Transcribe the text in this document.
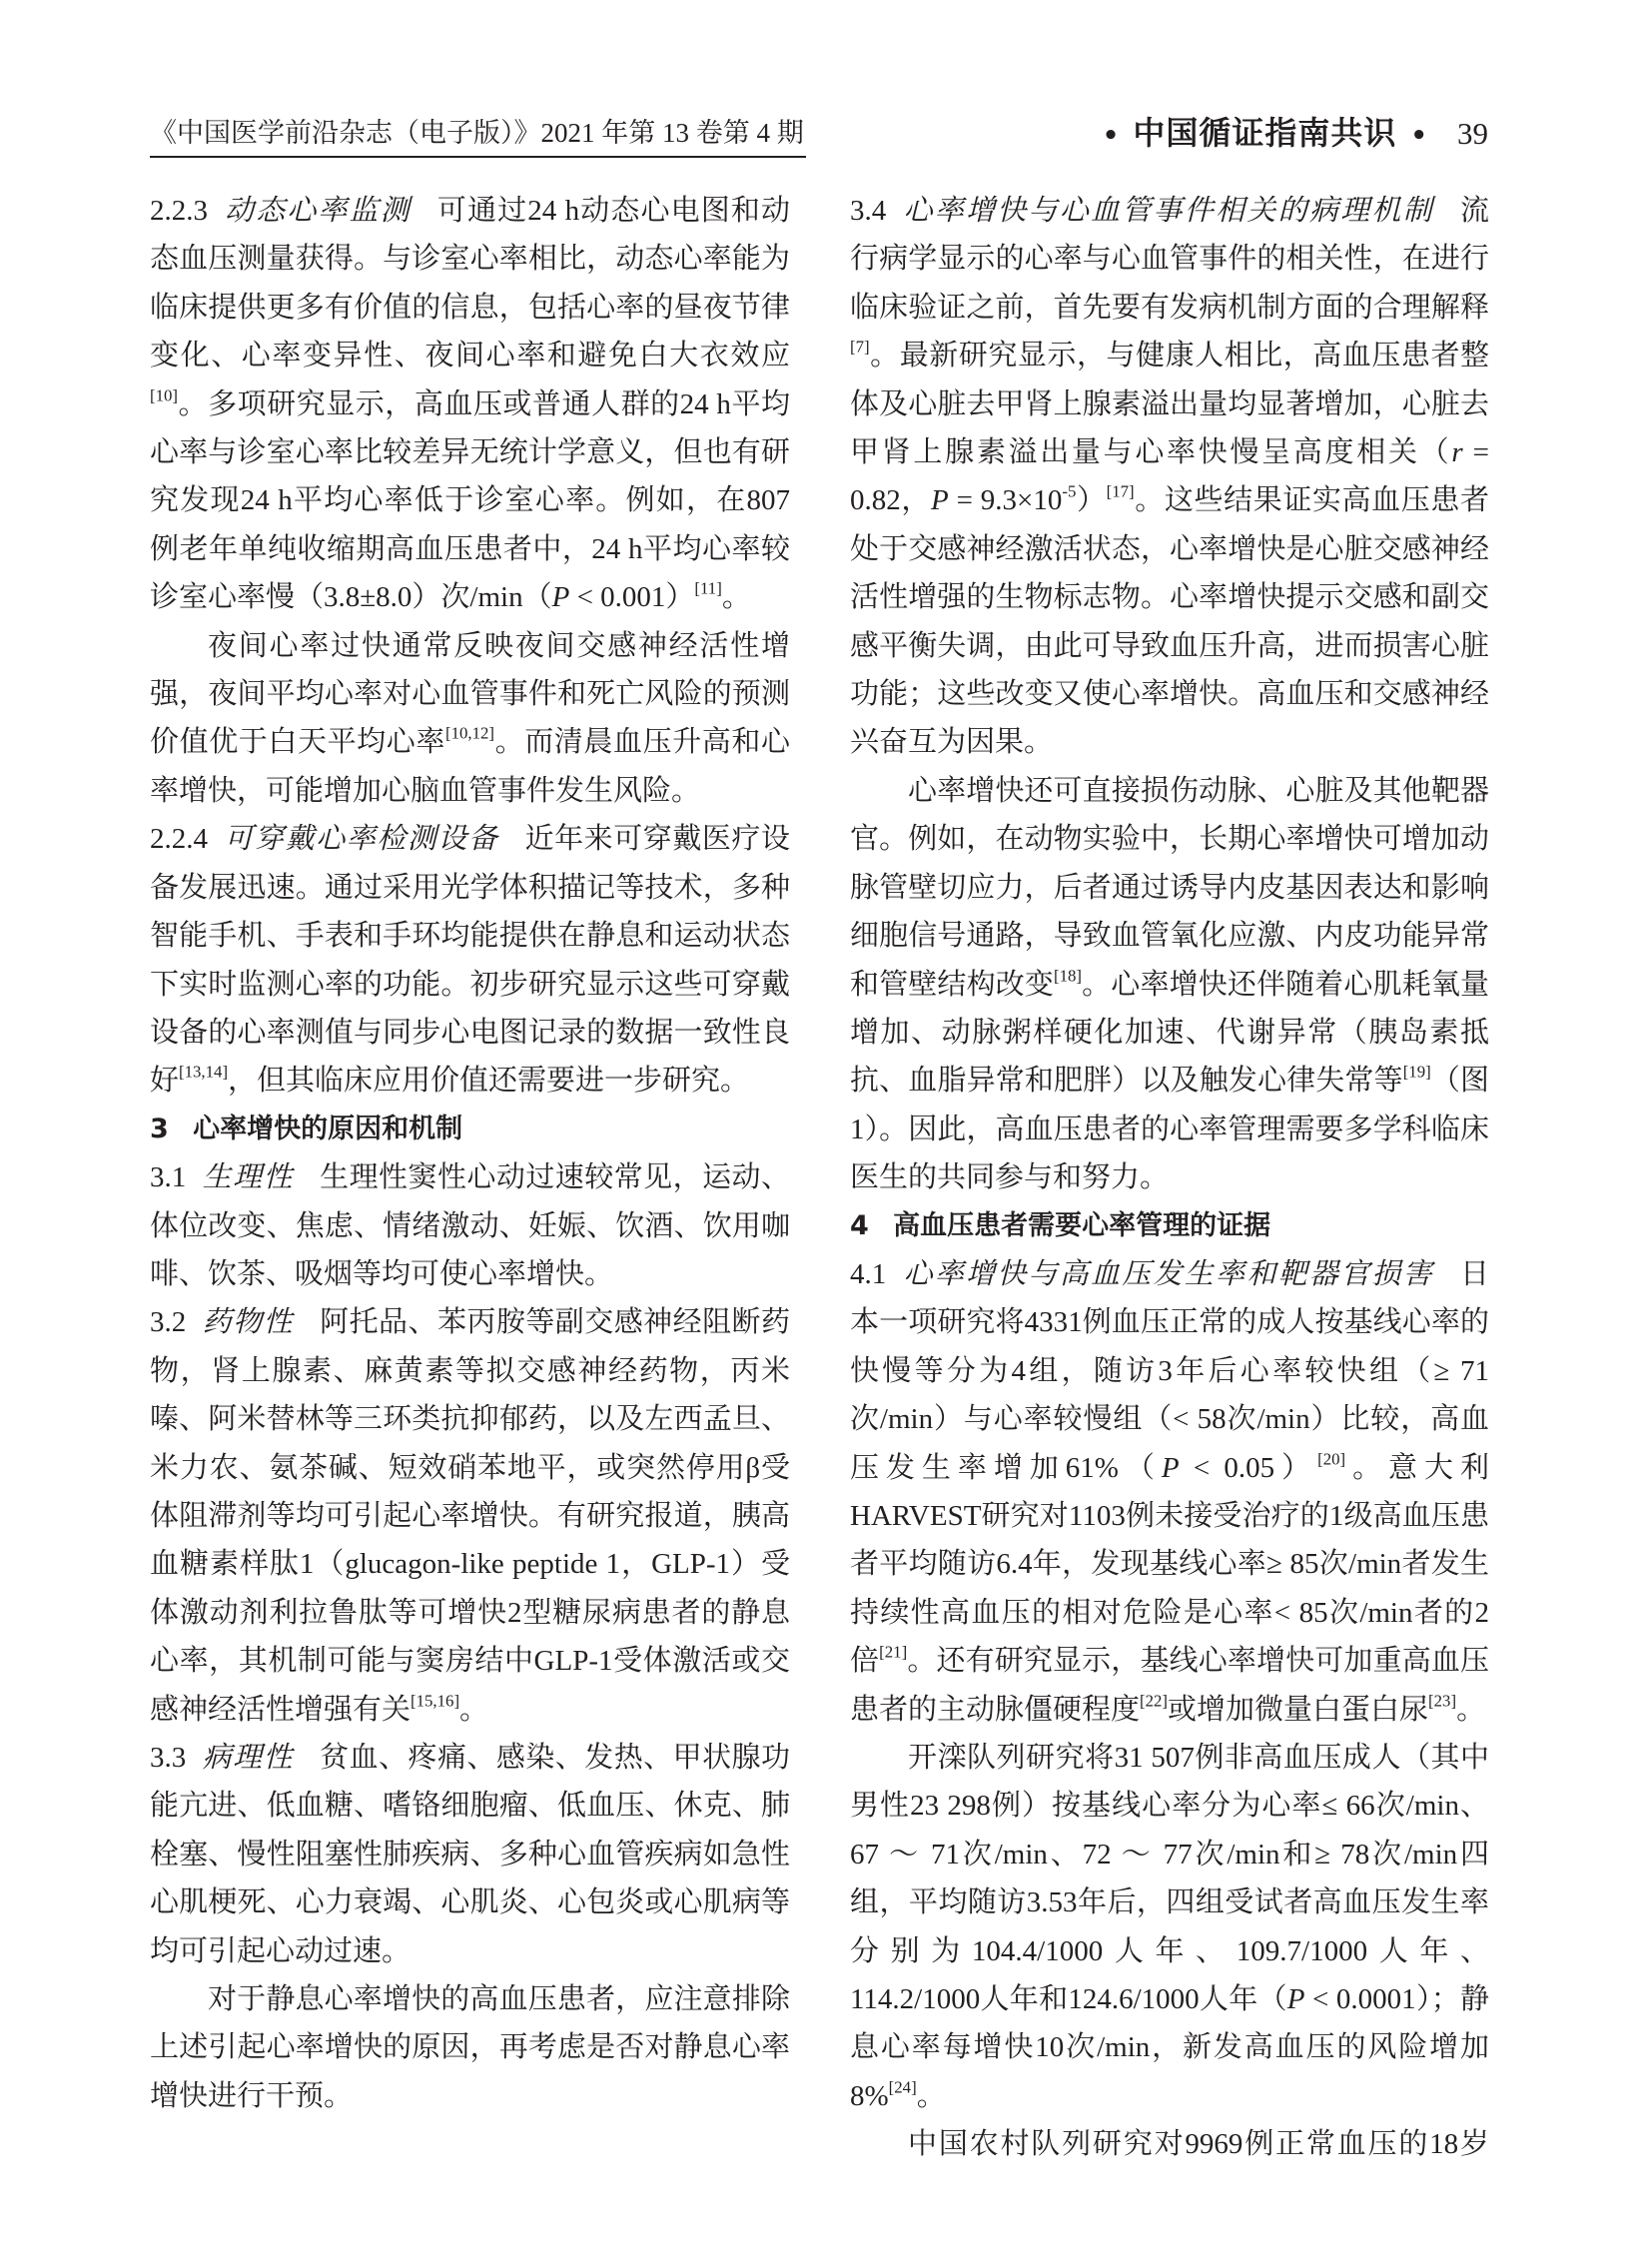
《中国医学前沿杂志（电子版）》2021 年第 13 卷第 4 期	• 中国循证指南共识 • 39

2.2.3 动态心率监测 可通过24 h动态心电图和动态血压测量获得。与诊室心率相比，动态心率能为临床提供更多有价值的信息，包括心率的昼夜节律变化、心率变异性、夜间心率和避免白大衣效应[10]。多项研究显示，高血压或普通人群的24 h平均心率与诊室心率比较差异无统计学意义，但也有研究发现24 h平均心率低于诊室心率。例如，在807例老年单纯收缩期高血压患者中，24 h平均心率较诊室心率慢（3.8±8.0）次/min（P < 0.001）[11]。

夜间心率过快通常反映夜间交感神经活性增强，夜间平均心率对心血管事件和死亡风险的预测价值优于白天平均心率[10,12]。而清晨血压升高和心率增快，可能增加心脑血管事件发生风险。

2.2.4 可穿戴心率检测设备 近年来可穿戴医疗设备发展迅速。通过采用光学体积描记等技术，多种智能手机、手表和手环均能提供在静息和运动状态下实时监测心率的功能。初步研究显示这些可穿戴设备的心率测值与同步心电图记录的数据一致性良好[13,14]，但其临床应用价值还需要进一步研究。

3 心率增快的原因和机制

3.1 生理性 生理性窦性心动过速较常见，运动、体位改变、焦虑、情绪激动、妊娠、饮酒、饮用咖啡、饮茶、吸烟等均可使心率增快。

3.2 药物性 阿托品、苯丙胺等副交感神经阻断药物，肾上腺素、麻黄素等拟交感神经药物，丙米嗪、阿米替林等三环类抗抑郁药，以及左西孟旦、米力农、氨茶碱、短效硝苯地平，或突然停用β受体阻滞剂等均可引起心率增快。有研究报道，胰高血糖素样肽1（glucagon-like peptide 1，GLP-1）受体激动剂利拉鲁肽等可增快2型糖尿病患者的静息心率，其机制可能与窦房结中GLP-1受体激活或交感神经活性增强有关[15,16]。

3.3 病理性 贫血、疼痛、感染、发热、甲状腺功能亢进、低血糖、嗜铬细胞瘤、低血压、休克、肺栓塞、慢性阻塞性肺疾病、多种心血管疾病如急性心肌梗死、心力衰竭、心肌炎、心包炎或心肌病等均可引起心动过速。

对于静息心率增快的高血压患者，应注意排除上述引起心率增快的原因，再考虑是否对静息心率增快进行干预。

3.4 心率增快与心血管事件相关的病理机制 流行病学显示的心率与心血管事件的相关性，在进行临床验证之前，首先要有发病机制方面的合理解释[7]。最新研究显示，与健康人相比，高血压患者整体及心脏去甲肾上腺素溢出量均显著增加，心脏去甲肾上腺素溢出量与心率快慢呈高度相关（r = 0.82，$P = 9.3\times 10^{-5})[17]$。这些结果证实高血压患者处于交感神经激活状态，心率增快是心脏交感神经活性增强的生物标志物。心率增快提示交感和副交感平衡失调，由此可导致血压升高，进而损害心脏功能；这些改变又使心率增快。高血压和交感神经兴奋互为因果。

心率增快还可直接损伤动脉、心脏及其他靶器官。例如，在动物实验中，长期心率增快可增加动脉管壁切应力，后者通过诱导内皮基因表达和影响细胞信号通路，导致血管氧化应激、内皮功能异常和管壁结构改变[18]。心率增快还伴随着心肌耗氧量增加、动脉粥样硬化加速、代谢异常（胰岛素抵抗、血脂异常和肥胖）以及触发心律失常等[19]（图1）。因此，高血压患者的心率管理需要多学科临床医生的共同参与和努力。

4 高血压患者需要心率管理的证据

4.1 心率增快与高血压发生率和靶器官损害 日本一项研究将4331例血压正常的成人按基线心率的快慢等分为4组，随访3年后心率较快组（≥ 71次/min）与心率较慢组（< 58次/min）比较，高血压发生率增加61%（P < 0.05）[20]。意大利HARVEST研究对1103例未接受治疗的1级高血压患者平均随访6.4年，发现基线心率≥ 85次/min者发生持续性高血压的相对危险是心率< 85次/min者的2倍[21]。还有研究显示，基线心率增快可加重高血压患者的主动脉僵硬程度[22]或增加微量白蛋白尿[23]。

开滦队列研究将31 507例非高血压成人（其中男性23 298例）按基线心率分为心率≤ 66次/min、67 ～ 71次/min、72 ～ 77次/min和≥ 78次/min四组，平均随访3.53年后，四组受试者高血压发生率分别为104.4/1000人年、109.7/1000人年、114.2/1000人年和124.6/1000人年（P < 0.0001）；静息心率每增快10次/min，新发高血压的风险增加8%[24]。

中国农村队列研究对9969例正常血压的18岁
